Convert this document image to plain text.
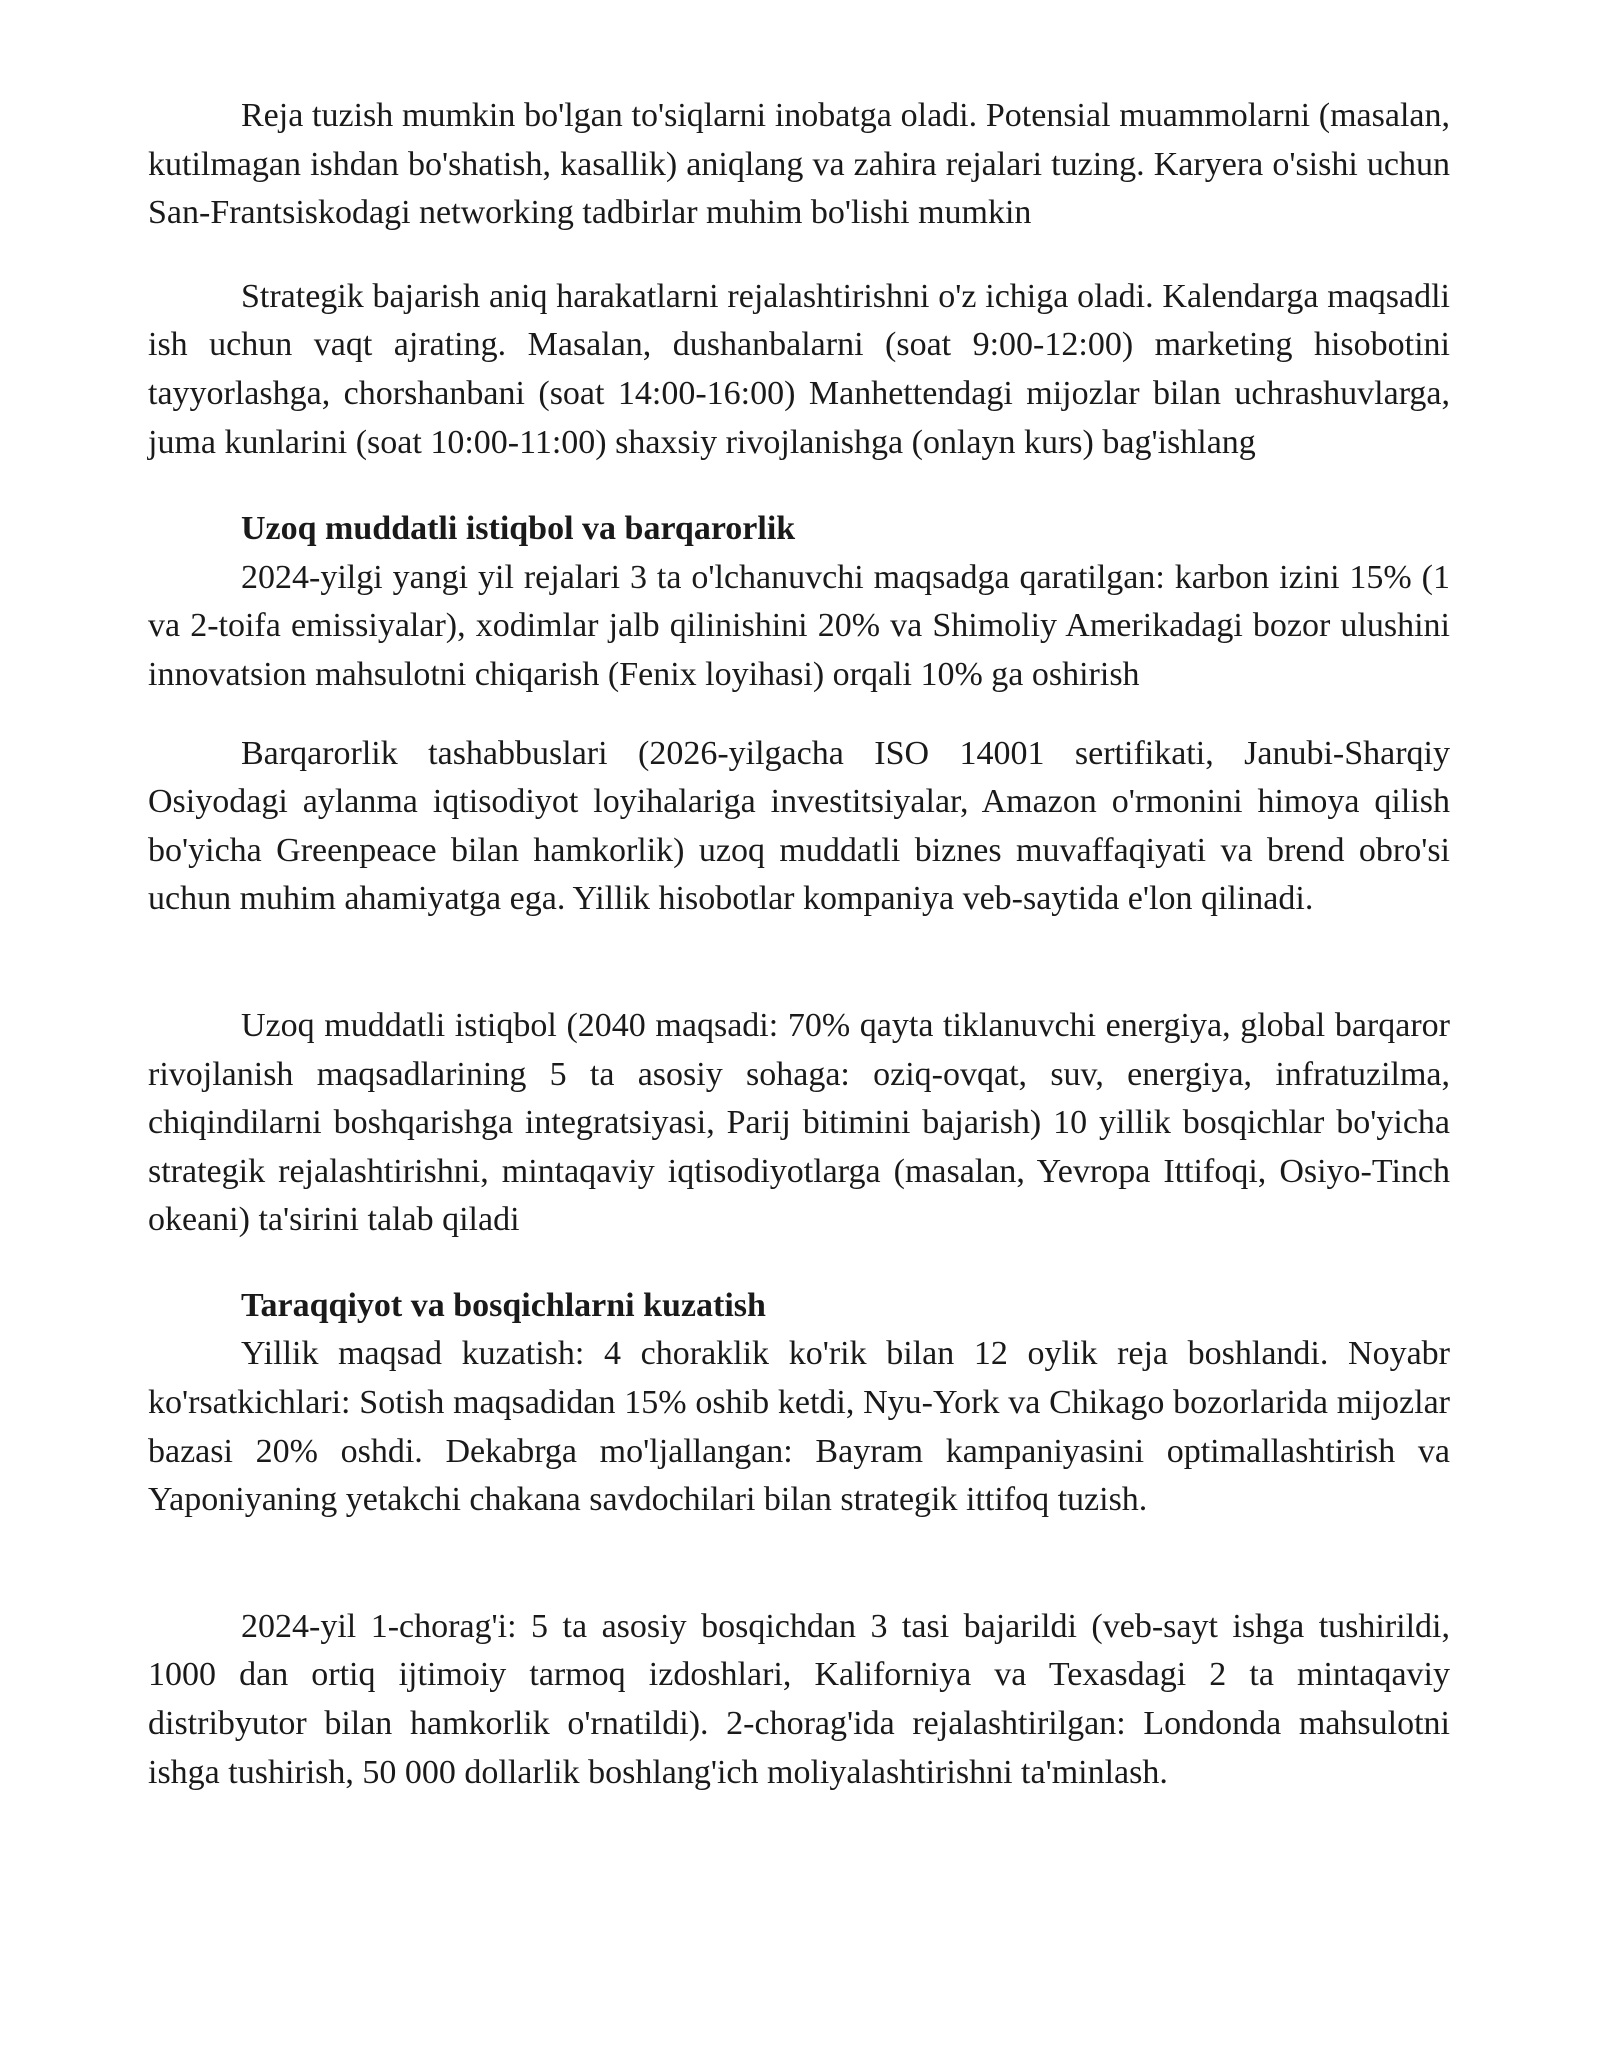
Reja tuzish mumkin bo'lgan to'siqlarni inobatga oladi. Potensial muammolarni (masalan, kutilmagan ishdan bo'shatish, kasallik) aniqlang va zahira rejalari tuzing. Karyera o'sishi uchun San-Frantsiskodagi networking tadbirlar muhim bo'lishi mumkin

Strategik bajarish aniq harakatlarni rejalashtirishni o'z ichiga oladi. Kalendarga maqsadli ish uchun vaqt ajrating. Masalan, dushanbalarni (soat 9:00-12:00) marketing hisobotini tayyorlashga, chorshanbani (soat 14:00-16:00) Manhettendagi mijozlar bilan uchrashuvlarga, juma kunlarini (soat 10:00-11:00) shaxsiy rivojlanishga (onlayn kurs) bag'ishlang

Uzoq muddatli istiqbol va barqarorlik

2024-yilgi yangi yil rejalari 3 ta o'lchanuvchi maqsadga qaratilgan: karbon izini 15% (1 va 2-toifa emissiyalar), xodimlar jalb qilinishini 20% va Shimoliy Amerikadagi bozor ulushini innovatsion mahsulotni chiqarish (Fenix loyihasi) orqali 10% ga oshirish

Barqarorlik tashabbuslari (2026-yilgacha ISO 14001 sertifikati, Janubi-Sharqiy Osiyodagi aylanma iqtisodiyot loyihalariga investitsiyalar, Amazon o'rmonini himoya qilish bo'yicha Greenpeace bilan hamkorlik) uzoq muddatli biznes muvaffaqiyati va brend obro'si uchun muhim ahamiyatga ega. Yillik hisobotlar kompaniya veb-saytida e'lon qilinadi.

Uzoq muddatli istiqbol (2040 maqsadi: 70% qayta tiklanuvchi energiya, global barqaror rivojlanish maqsadlarining 5 ta asosiy sohaga: oziq-ovqat, suv, energiya, infratuzilma, chiqindilarni boshqarishga integratsiyasi, Parij bitimini bajarish) 10 yillik bosqichlar bo'yicha strategik rejalashtirishni, mintaqaviy iqtisodiyotlarga (masalan, Yevropa Ittifoqi, Osiyo-Tinch okeani) ta'sirini talab qiladi

Taraqqiyot va bosqichlarni kuzatish

Yillik maqsad kuzatish: 4 choraklik ko'rik bilan 12 oylik reja boshlandi. Noyabr ko'rsatkichlari: Sotish maqsadidan 15% oshib ketdi, Nyu-York va Chikago bozorlarida mijozlar bazasi 20% oshdi. Dekabrga mo'ljallangan: Bayram kampaniyasini optimallashtirish va Yaponiyaning yetakchi chakana savdochilari bilan strategik ittifoq tuzish.

2024-yil 1-chorag'i: 5 ta asosiy bosqichdan 3 tasi bajarildi (veb-sayt ishga tushirildi, 1000 dan ortiq ijtimoiy tarmoq izdoshlari, Kaliforniya va Texasdagi 2 ta mintaqaviy distribyutor bilan hamkorlik o'rnatildi). 2-chorag'ida rejalashtirilgan: Londonda mahsulotni ishga tushirish, 50 000 dollarlik boshlang'ich moliyalashtirishni ta'minlash.
